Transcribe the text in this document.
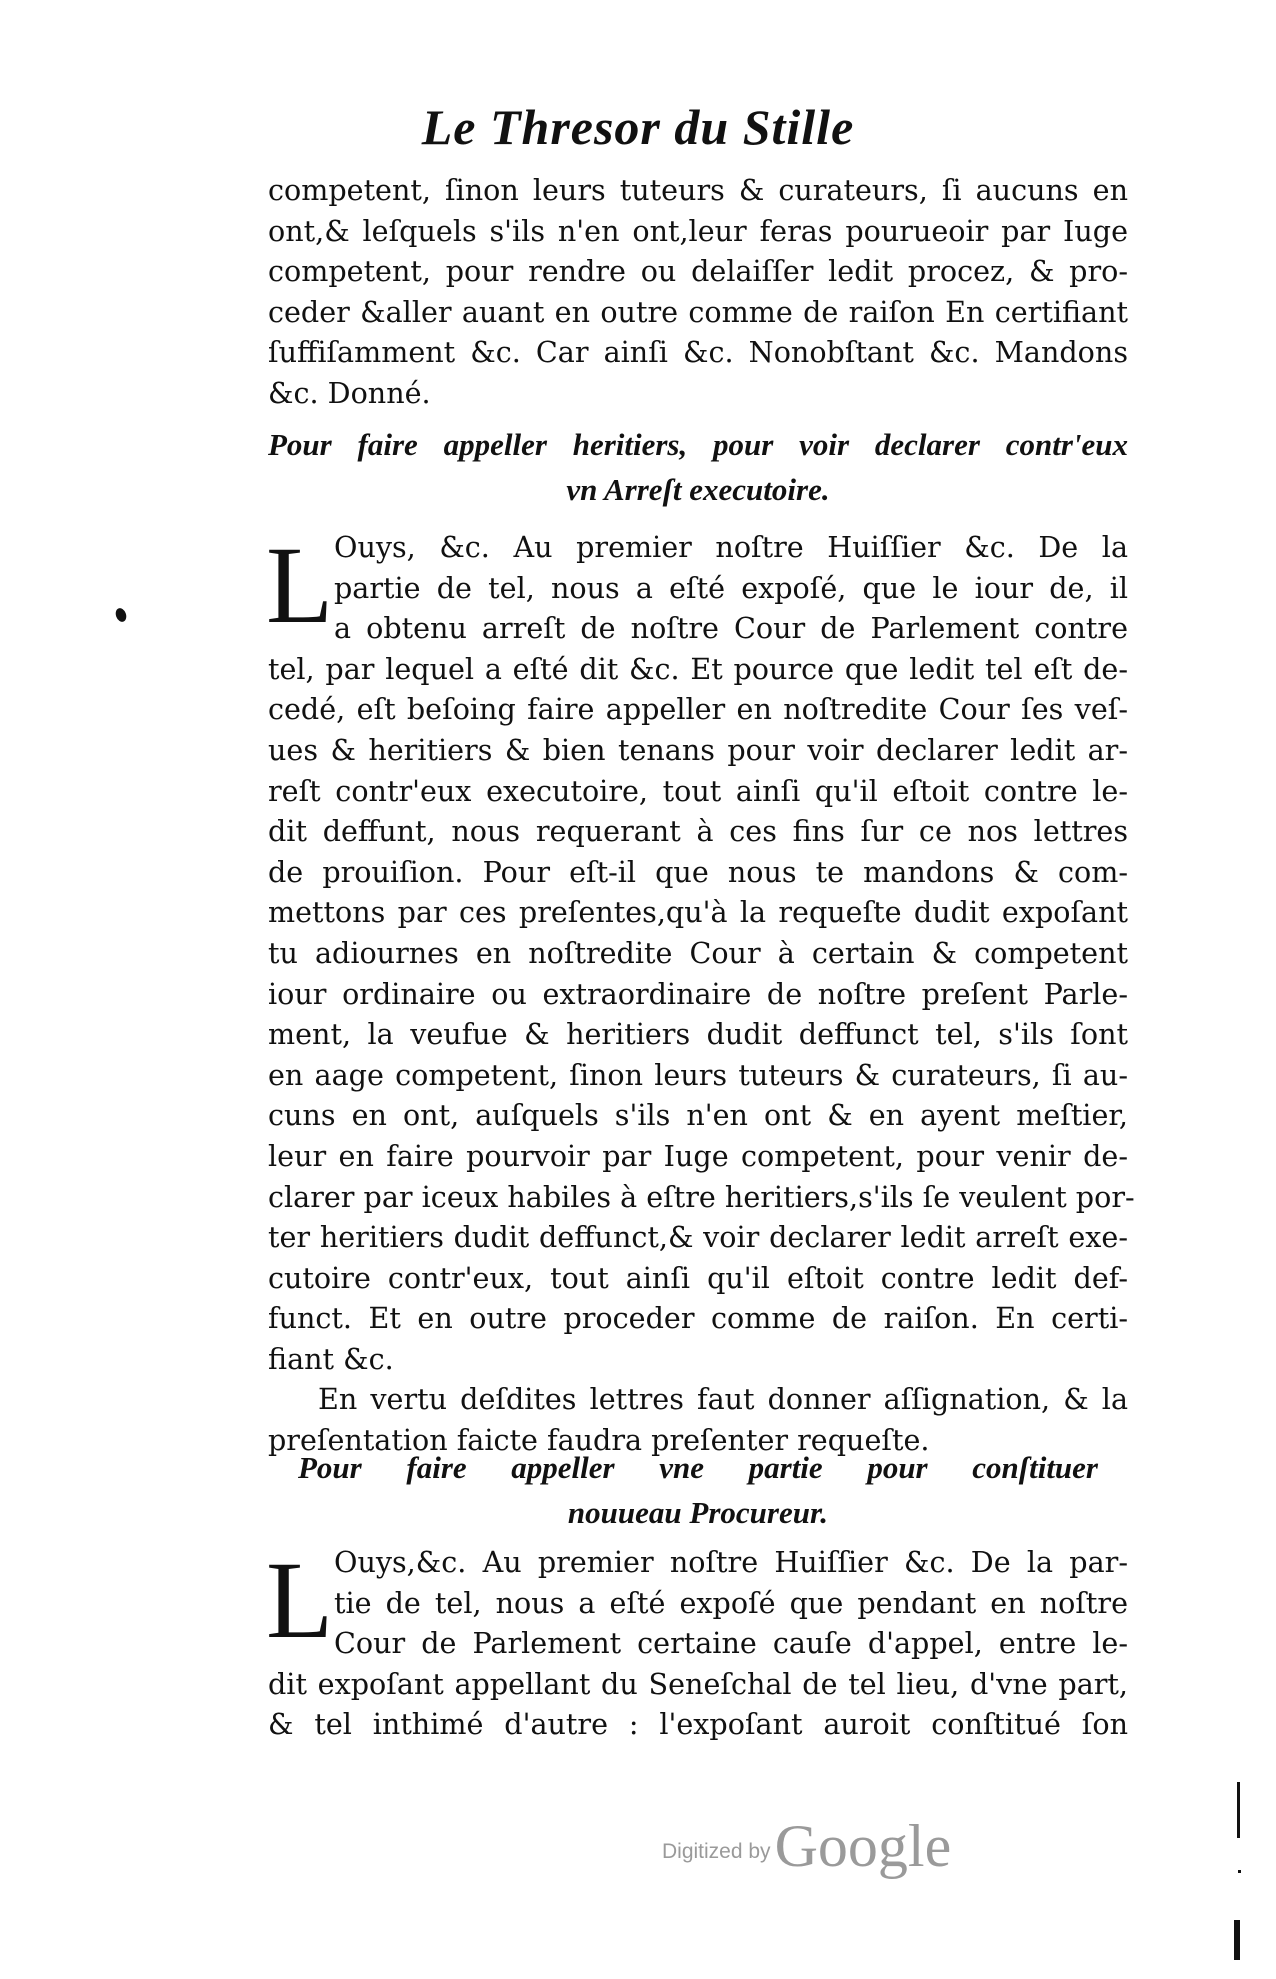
Le Thresor du Stille
competent, ſinon leurs tuteurs & curateurs, ſi aucuns en
ont,& leſquels s'ils n'en ont,leur feras pourueoir par Iuge
competent, pour rendre ou delaiſſer ledit procez, & pro-
ceder &aller auant en outre comme de raiſon En certifiant
ſuffiſamment &c. Car ainſi &c. Nonobſtant &c. Mandons
&c. Donné.
Pour faire appeller heritiers, pour voir declarer contr'eux
vn Arreſt executoire.
L Ouys, &c. Au premier noſtre Huiſſier &c. De la
partie de tel, nous a eſté expoſé, que le iour de, il
a obtenu arreſt de noſtre Cour de Parlement contre
tel, par lequel a eſté dit &c. Et pource que ledit tel eſt de-
cedé, eſt beſoing faire appeller en noſtredite Cour ſes veſ-
ues & heritiers & bien tenans pour voir declarer ledit ar-
reſt contr'eux executoire, tout ainſi qu'il eſtoit contre le-
dit deffunt, nous requerant à ces fins ſur ce nos lettres
de prouiſion. Pour eſt-il que nous te mandons & com-
mettons par ces preſentes,qu'à la requeſte dudit expoſant
tu adiournes en noſtredite Cour à certain & competent
iour ordinaire ou extraordinaire de noſtre preſent Parle-
ment, la veufue & heritiers dudit deffunct tel, s'ils ſont
en aage competent, ſinon leurs tuteurs & curateurs, ſi au-
cuns en ont, auſquels s'ils n'en ont & en ayent meſtier,
leur en faire pourvoir par Iuge competent, pour venir de-
clarer par iceux habiles à eſtre heritiers,s'ils ſe veulent por-
ter heritiers dudit deffunct,& voir declarer ledit arreſt exe-
cutoire contr'eux, tout ainſi qu'il eſtoit contre ledit def-
funct. Et en outre proceder comme de raiſon. En certi-
fiant &c.
En vertu deſdites lettres faut donner aſſignation, & la
preſentation faicte faudra preſenter requeſte.
Pour faire appeller vne partie pour conſtituer
nouueau Procureur.
L Ouys,&c. Au premier noſtre Huiſſier &c. De la par-
tie de tel, nous a eſté expoſé que pendant en noſtre
Cour de Parlement certaine cauſe d'appel, entre le-
dit expoſant appellant du Seneſchal de tel lieu, d'vne part,
& tel inthimé d'autre : l'expoſant auroit conſtitué ſon
Digitized byGoogle
